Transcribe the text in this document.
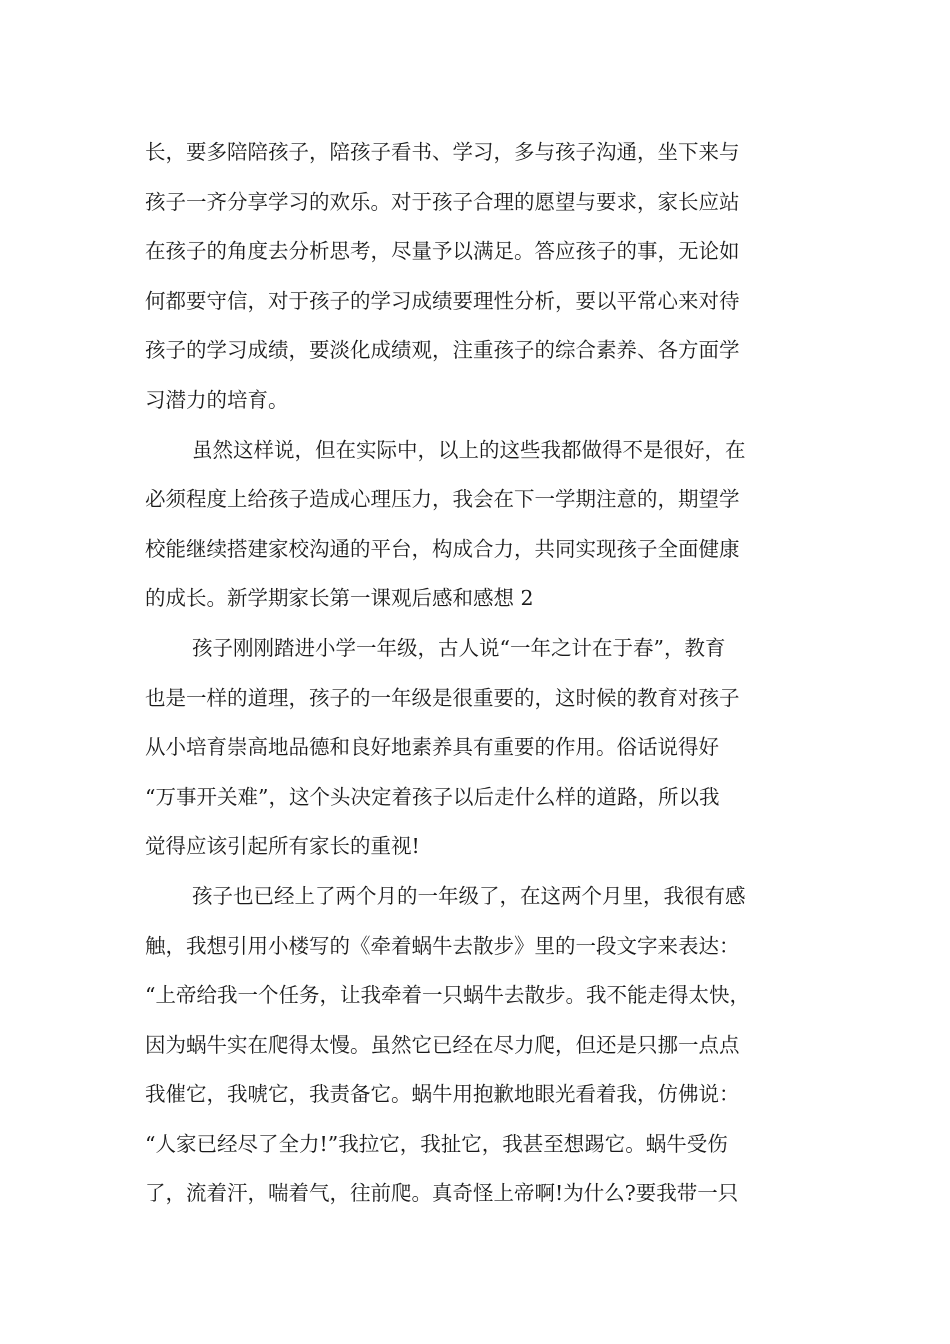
长，要多陪陪孩子，陪孩子看书、学习，多与孩子沟通，坐下来与
孩子一齐分享学习的欢乐。对于孩子合理的愿望与要求，家长应站
在孩子的角度去分析思考，尽量予以满足。答应孩子的事，无论如
何都要守信，对于孩子的学习成绩要理性分析，要以平常心来对待
孩子的学习成绩，要淡化成绩观，注重孩子的综合素养、各方面学
习潜力的培育。
虽然这样说，但在实际中，以上的这些我都做得不是很好，在
必须程度上给孩子造成心理压力，我会在下一学期注意的，期望学
校能继续搭建家校沟通的平台，构成合力，共同实现孩子全面健康
的成长。新学期家长第一课观后感和感想 2
孩子刚刚踏进小学一年级，古人说“一年之计在于春”，教育
也是一样的道理，孩子的一年级是很重要的，这时候的教育对孩子
从小培育崇高地品德和良好地素养具有重要的作用。俗话说得好
“万事开关难”，这个头决定着孩子以后走什么样的道路，所以我
觉得应该引起所有家长的重视!
孩子也已经上了两个月的一年级了，在这两个月里，我很有感
触，我想引用小楼写的《牵着蜗牛去散步》里的一段文字来表达：
“上帝给我一个任务，让我牵着一只蜗牛去散步。我不能走得太快，
因为蜗牛实在爬得太慢。虽然它已经在尽力爬，但还是只挪一点点
我催它，我唬它，我责备它。蜗牛用抱歉地眼光看着我，仿佛说：
“人家已经尽了全力!”我拉它，我扯它，我甚至想踢它。蜗牛受伤
了，流着汗，喘着气，往前爬。真奇怪上帝啊!为什么?要我带一只
